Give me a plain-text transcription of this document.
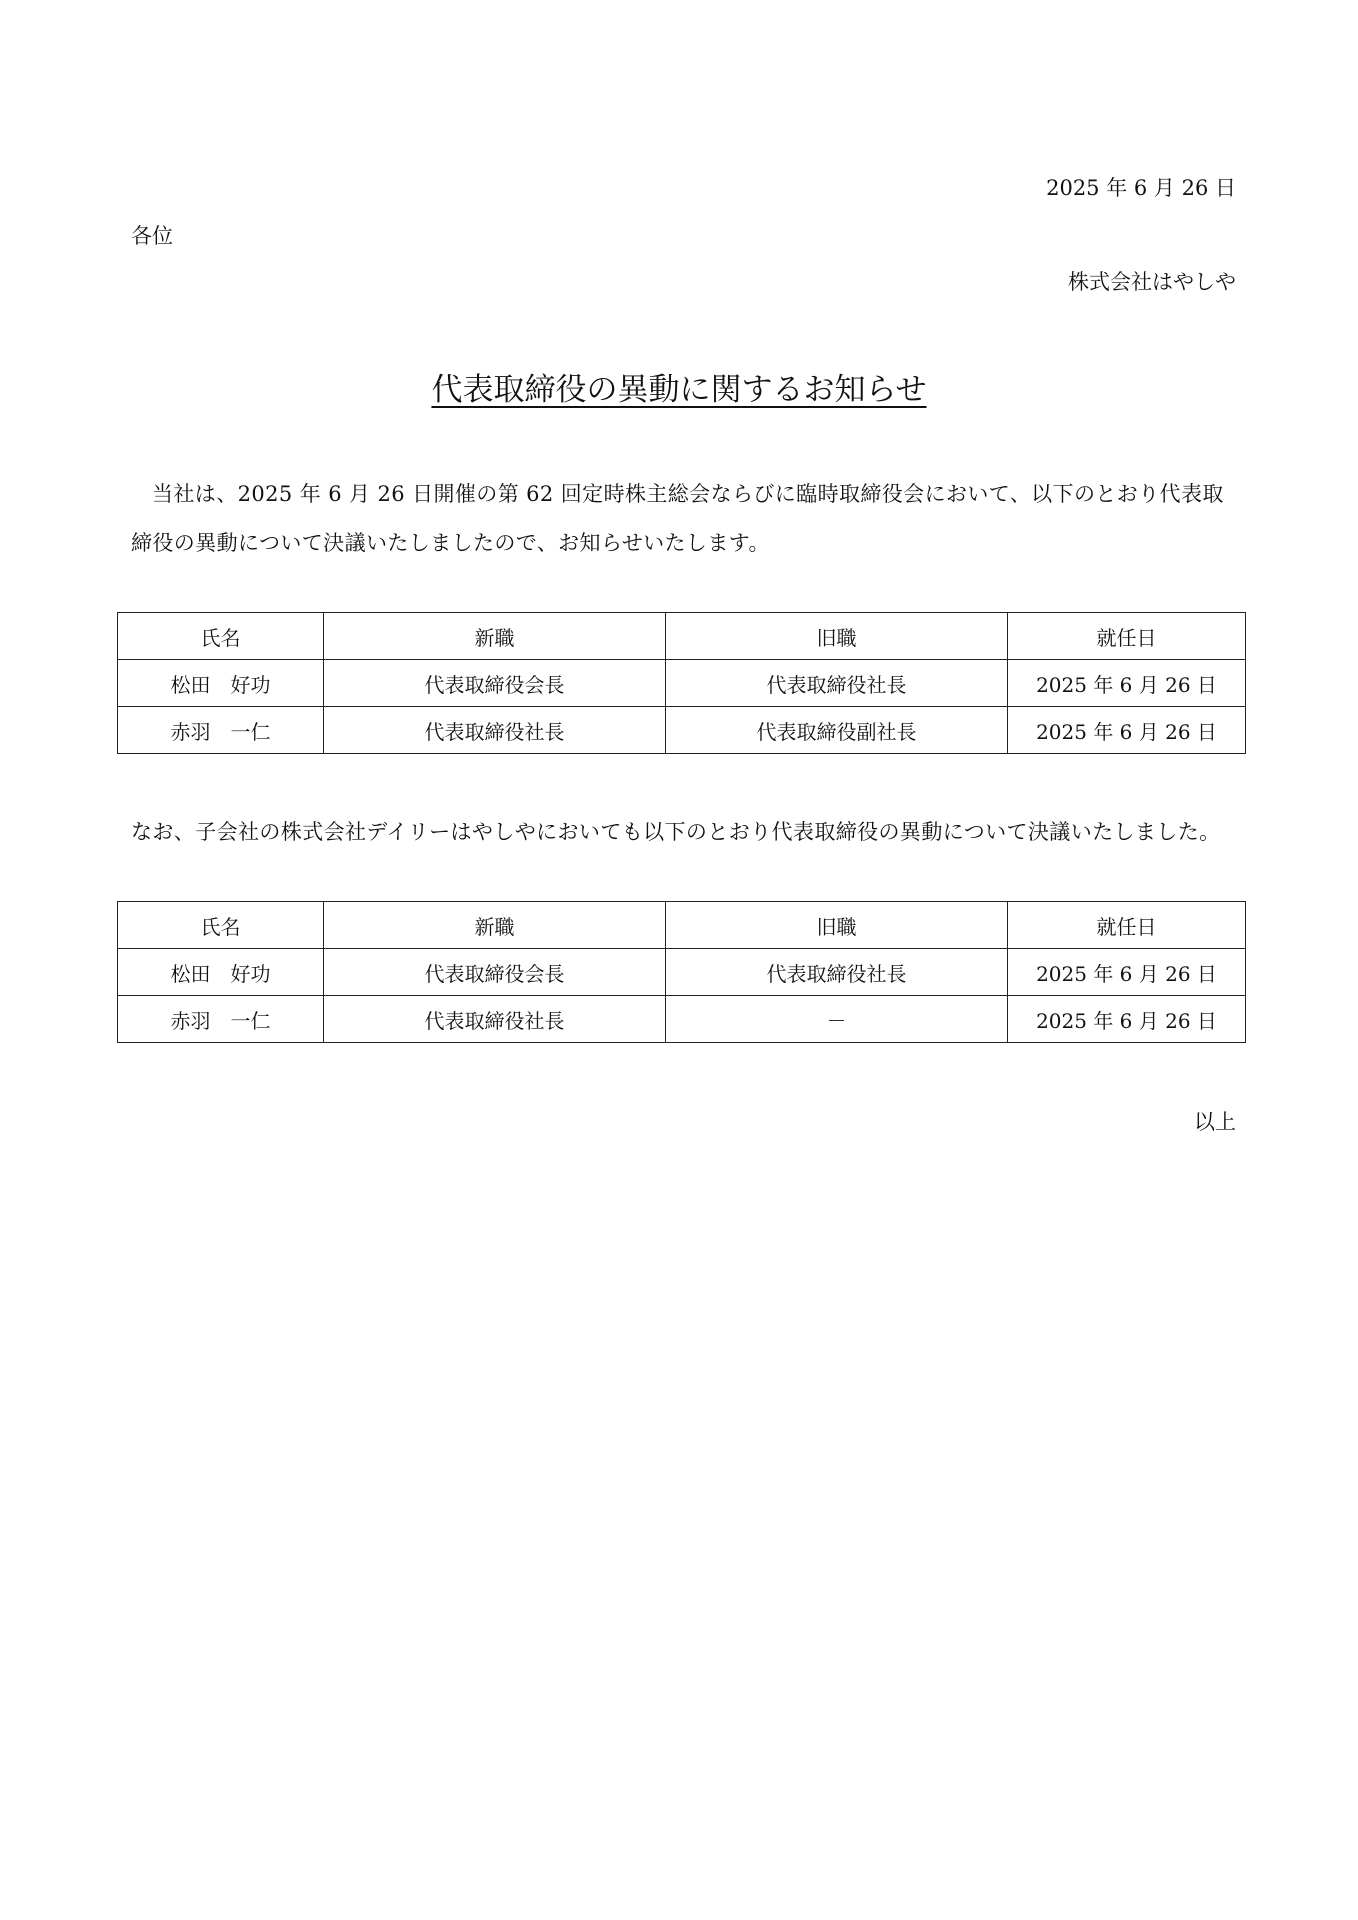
2025 年 6 月 26 日
各位
株式会社はやしや
代表取締役の異動に関するお知らせ
当社は、2025 年 6 月 26 日開催の第 62 回定時株主総会ならびに臨時取締役会において、以下のとおり代表取締役の異動について決議いたしましたので、お知らせいたします。
氏名	新職	旧職	就任日
松田　好功	代表取締役会長	代表取締役社長	2025 年 6 月 26 日
赤羽　一仁	代表取締役社長	代表取締役副社長	2025 年 6 月 26 日
なお、子会社の株式会社デイリーはやしやにおいても以下のとおり代表取締役の異動について決議いたしました。
氏名	新職	旧職	就任日
松田　好功	代表取締役会長	代表取締役社長	2025 年 6 月 26 日
赤羽　一仁	代表取締役社長	－	2025 年 6 月 26 日
以上
